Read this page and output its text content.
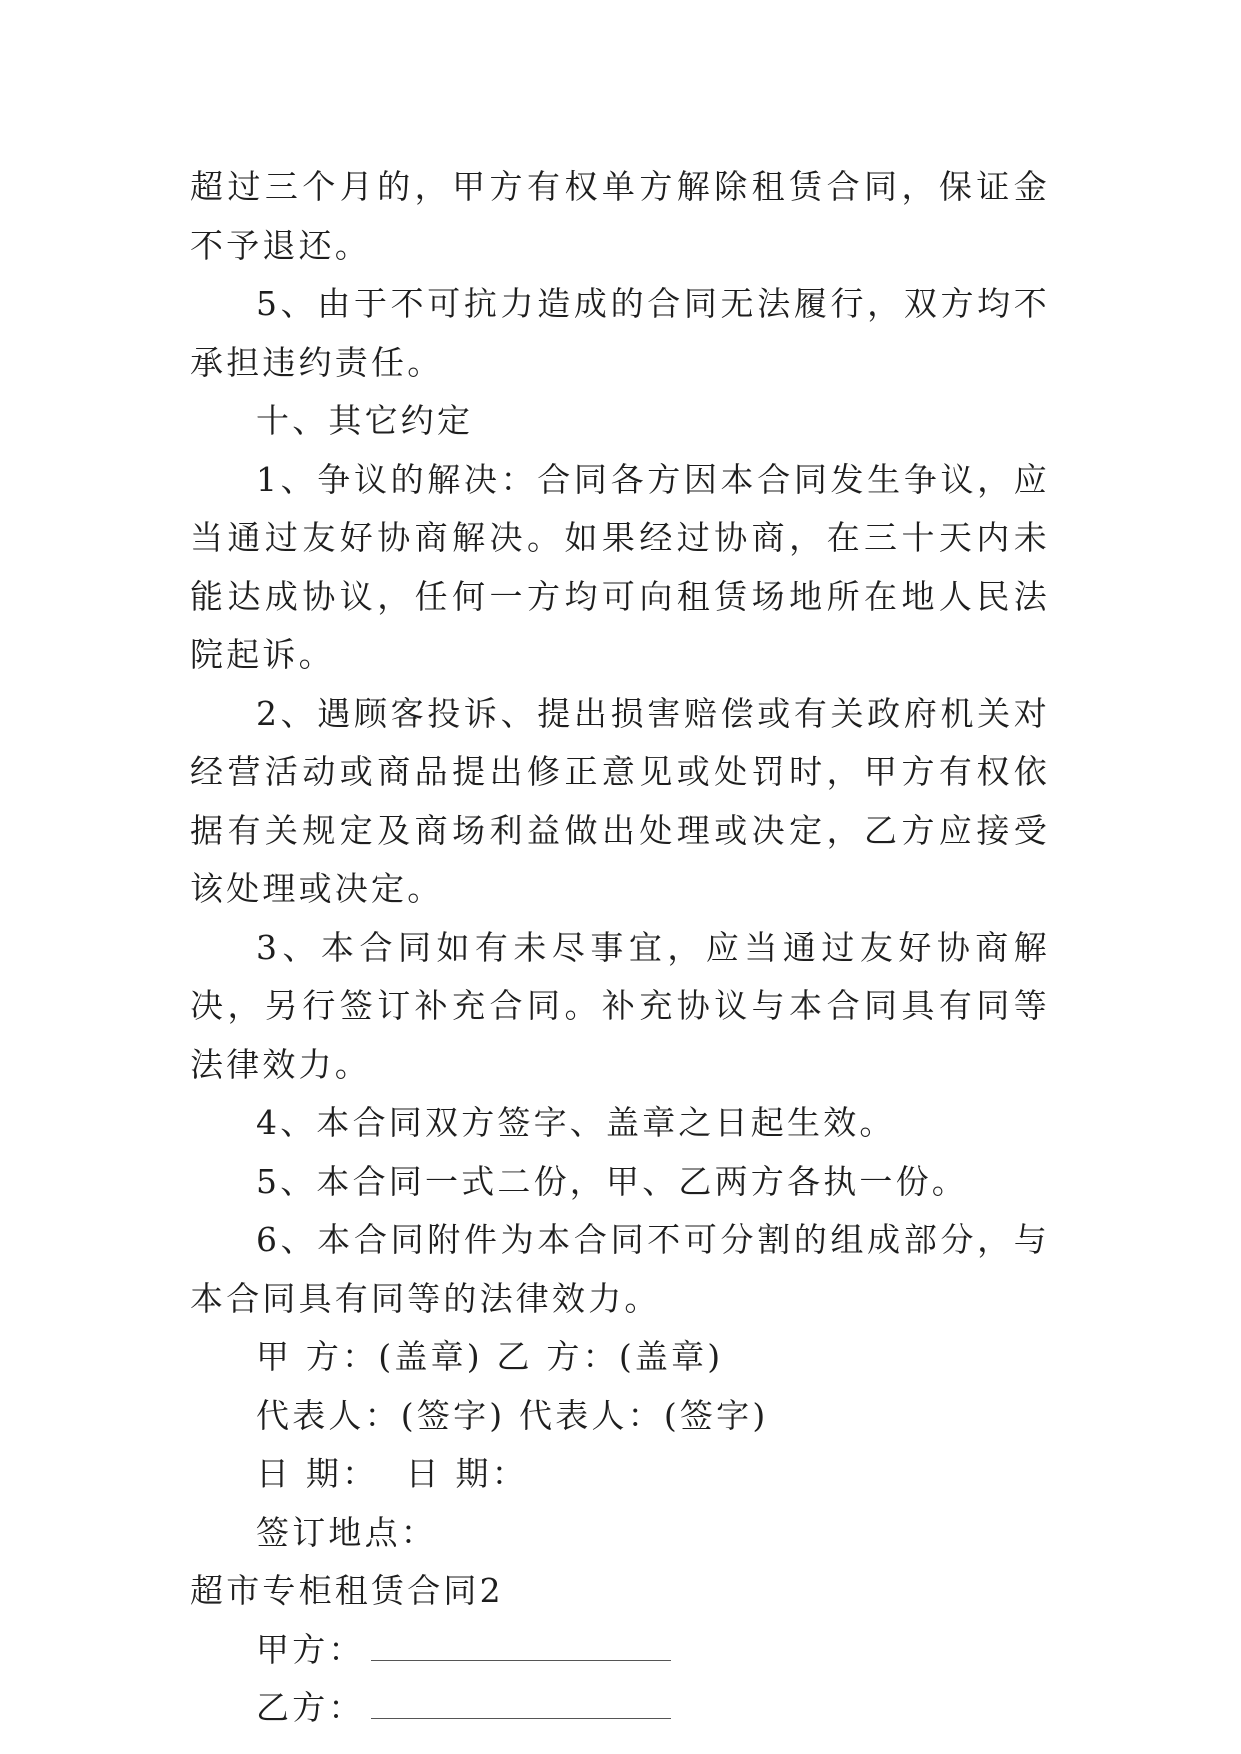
超过三个月的，甲方有权单方解除租赁合同，保证金不予退还。

5、由于不可抗力造成的合同无法履行，双方均不承担违约责任。

十、其它约定

1、争议的解决：合同各方因本合同发生争议，应当通过友好协商解决。如果经过协商，在三十天内未能达成协议，任何一方均可向租赁场地所在地人民法院起诉。

2、遇顾客投诉、提出损害赔偿或有关政府机关对经营活动或商品提出修正意见或处罚时，甲方有权依据有关规定及商场利益做出处理或决定，乙方应接受该处理或决定。

3、本合同如有未尽事宜，应当通过友好协商解决，另行签订补充合同。补充协议与本合同具有同等法律效力。

4、本合同双方签字、盖章之日起生效。

5、本合同一式二份，甲、乙两方各执一份。

6、本合同附件为本合同不可分割的组成部分，与本合同具有同等的法律效力。

甲 方：(盖章) 乙 方：(盖章)

代表人：(签字) 代表人：(签字)

日 期：  日 期：

签订地点：

超市专柜租赁合同2

甲方：

乙方：
